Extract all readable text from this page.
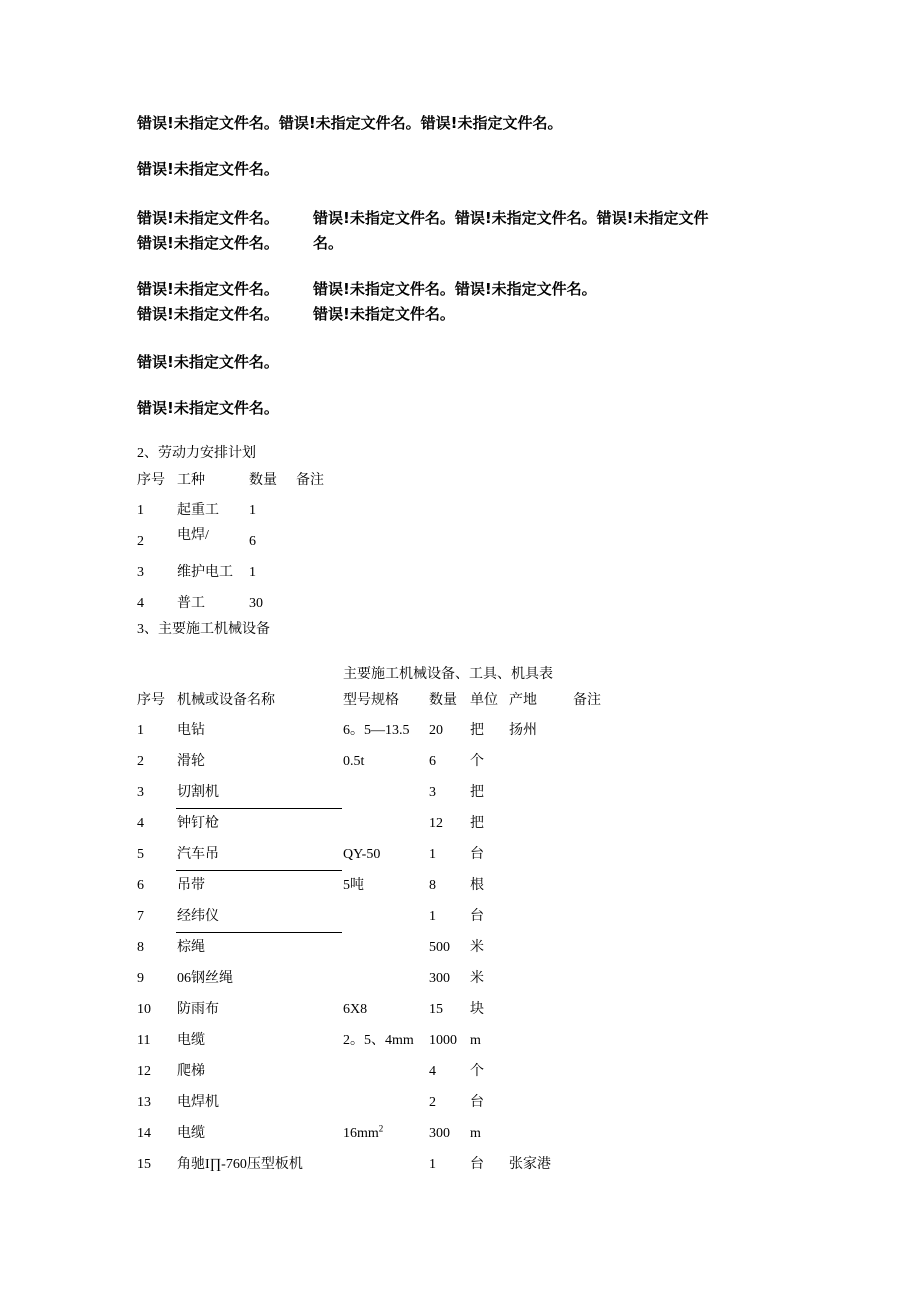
错误!未指定文件名。错误!未指定文件名。错误!未指定文件名。
错误!未指定文件名。
错误!未指定文件名。
错误!未指定文件名。
错误!未指定文件名。错误!未指定文件名。错误!未指定文件
名。
错误!未指定文件名。
错误!未指定文件名。
错误!未指定文件名。错误!未指定文件名。
错误!未指定文件名。
错误!未指定文件名。
错误!未指定文件名。
2、劳动力安排计划
序号 工种	数量 备注
1 起重工 1
2 电焊/	6
3 维护电工 1
4 普工	30
3、主要施工机械设备
主要施工机械设备、工具、机具表
序号 机械或设备名称	型号规格 数量 单位 产地	备注
1 电钻	6。5—13.5 20 把 扬州
2 滑轮	0.5t	6 个
3 切割机	3 把
4 钟钉枪	12 把
5 汽车吊	QY-50	1 台
6 吊带	5吨	8 根
7 经纬仪	1 台
8 棕绳	500 米
9 06钢丝绳	300 米
10 防雨布	6X8	15 块
11 电缆	2。5、4mm 1000 m
12 爬梯	4 个
13 电焊机	2 台
14 电缆	$16mm^2$	300 m
15 角驰I∏-760压型板机	1 台 张家港
